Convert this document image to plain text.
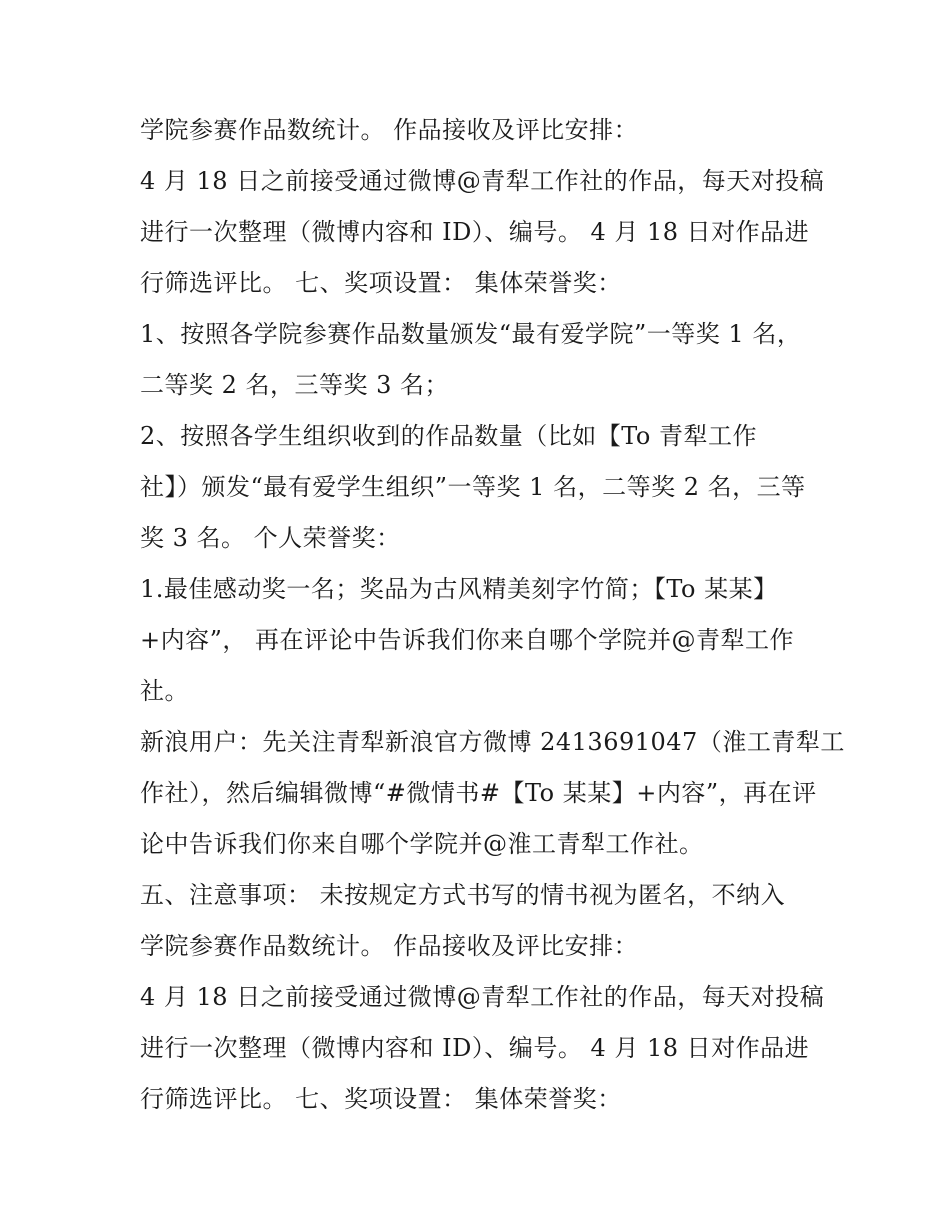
学院参赛作品数统计。 作品接收及评比安排：

4 月 18 日之前接受通过微博@青犁工作社的作品，每天对投稿

进行一次整理（微博内容和 ID）、编号。 4 月 18 日对作品进

行筛选评比。 七、奖项设置： 集体荣誉奖：

1、按照各学院参赛作品数量颁发“最有爱学院”一等奖 1 名，

二等奖 2 名，三等奖 3 名；

2、按照各学生组织收到的作品数量（比如【To 青犁工作

社】）颁发“最有爱学生组织”一等奖 1 名，二等奖 2 名，三等

奖 3 名。 个人荣誉奖：

1.最佳感动奖一名；奖品为古风精美刻字竹简；【To 某某】

+内容”， 再在评论中告诉我们你来自哪个学院并@青犁工作

社。

新浪用户：先关注青犁新浪官方微博 2413691047（淮工青犁工

作社），然后编辑微博“#微情书#【To 某某】+内容”，再在评

论中告诉我们你来自哪个学院并@淮工青犁工作社。

五、注意事项： 未按规定方式书写的情书视为匿名，不纳入

学院参赛作品数统计。 作品接收及评比安排：

4 月 18 日之前接受通过微博@青犁工作社的作品，每天对投稿

进行一次整理（微博内容和 ID）、编号。 4 月 18 日对作品进

行筛选评比。 七、奖项设置： 集体荣誉奖：
